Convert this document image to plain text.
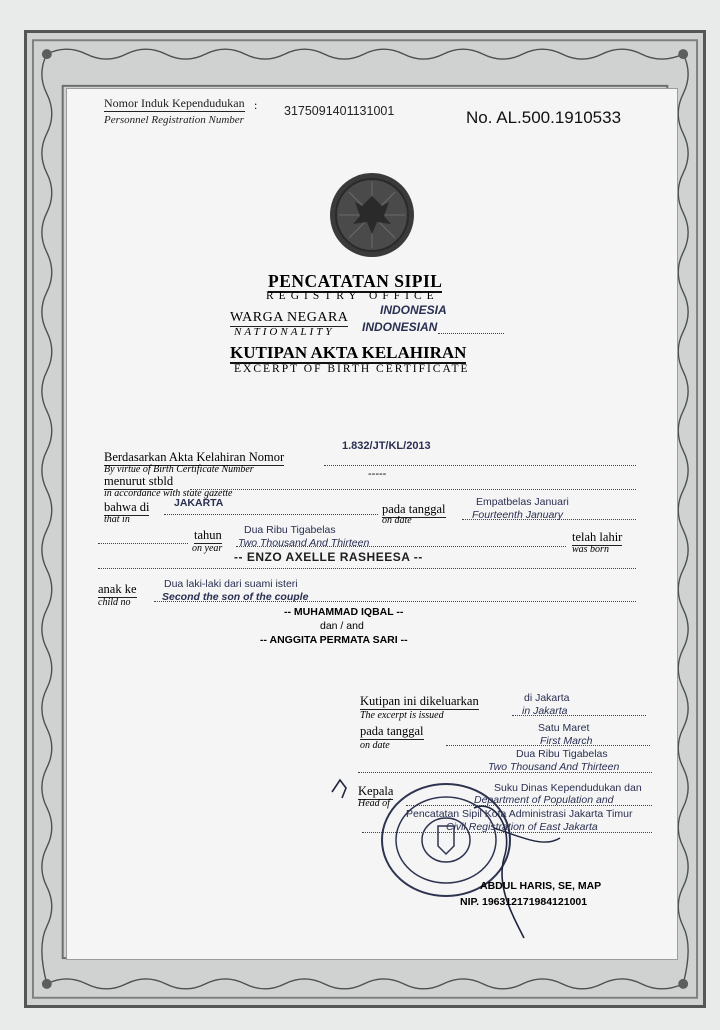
Nomor Induk Kependudukan :
Personnel Registration Number
3175091401131001	No. AL.500.1910533
PENCATATAN SIPIL
REGISTRY OFFICE
WARGA NEGARA
NATIONALITY
INDONESIA
INDONESIAN
KUTIPAN AKTA KELAHIRAN
EXCERPT OF BIRTH CERTIFICATE
1.832/JT/KL/2013
Berdasarkan Akta Kelahiran Nomor
By virtue of Birth Certificate Number
menurut stbld	-----
in accordance with state gazette
bahwa di
that in
JAKARTA	pada tanggal
on date
Empatbelas Januari
Fourteenth January
tahun
on year
Dua Ribu Tigabelas
Two Thousand And Thirteen	telah lahir
was born
-- ENZO AXELLE RASHEESA --
anak ke
child no
Dua laki-laki dari suami isteri
Second the son of the couple
-- MUHAMMAD IQBAL --
dan / and
-- ANGGITA PERMATA SARI --
Kutipan ini dikeluarkan
The excerpt is issued
di Jakarta
in Jakarta
pada tanggal
on date
Satu Maret
First March
Dua Ribu Tigabelas
Two Thousand And Thirteen
Kepala
Head of
Suku Dinas Kependudukan dan
Department of Population and
Pencatatan Sipil Kota Administrasi Jakarta Timur
Civil Registration of East Jakarta
ABDUL HARIS, SE, MAP
NIP. 196312171984121001
